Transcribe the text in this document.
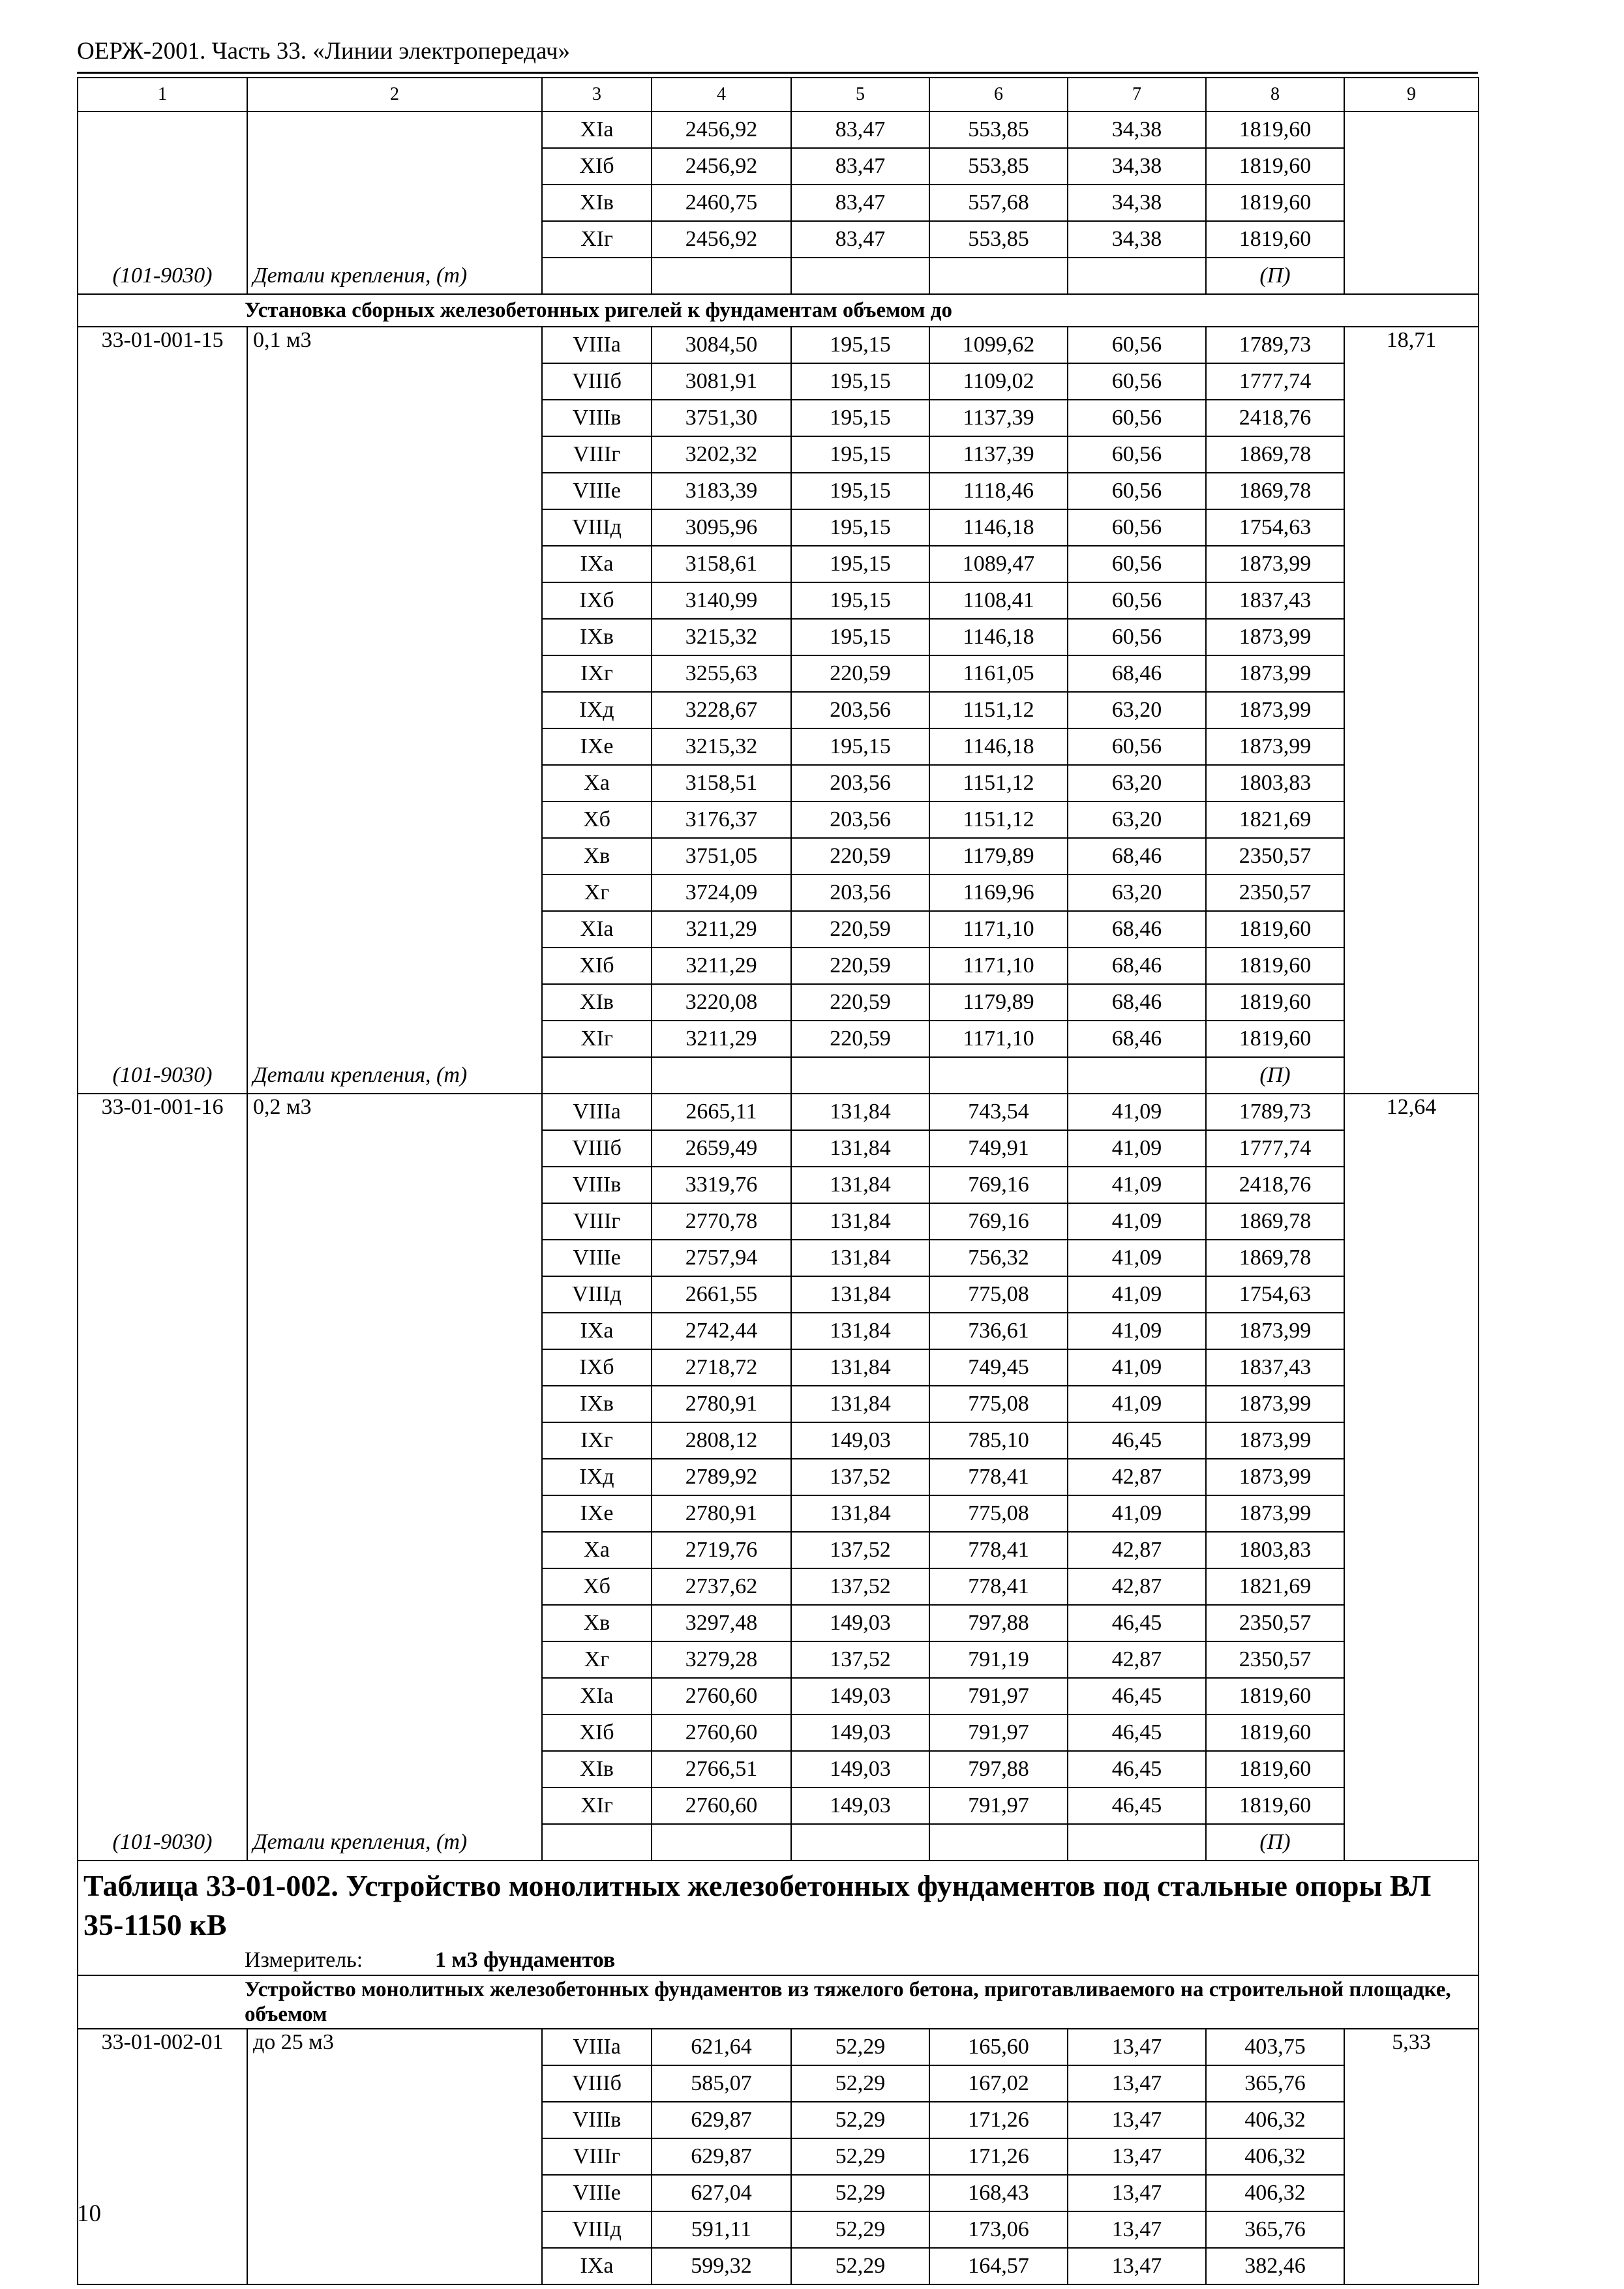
ОЕРЖ-2001. Часть 33. «Линии электропередач»
1	2	3	4	5	6	7	8	9
		XIа	2456,92	83,47	553,85	34,38	1819,60	
		XIб	2456,92	83,47	553,85	34,38	1819,60	
		XIв	2460,75	83,47	557,68	34,38	1819,60	
		XIг	2456,92	83,47	553,85	34,38	1819,60	
(101-9030)	Детали крепления, (т)						(П)	
Установка сборных железобетонных ригелей к фундаментам объемом до								
33-01-001-15	0,1 м3	VIIIа	3084,50	195,15	1099,62	60,56	1789,73	18,71
		VIIIб	3081,91	195,15	1109,02	60,56	1777,74	
		VIIIв	3751,30	195,15	1137,39	60,56	2418,76	
		VIIIг	3202,32	195,15	1137,39	60,56	1869,78	
		VIIIе	3183,39	195,15	1118,46	60,56	1869,78	
		VIIIд	3095,96	195,15	1146,18	60,56	1754,63	
		IXа	3158,61	195,15	1089,47	60,56	1873,99	
		IXб	3140,99	195,15	1108,41	60,56	1837,43	
		IXв	3215,32	195,15	1146,18	60,56	1873,99	
		IXг	3255,63	220,59	1161,05	68,46	1873,99	
		IXд	3228,67	203,56	1151,12	63,20	1873,99	
		IXе	3215,32	195,15	1146,18	60,56	1873,99	
		Xа	3158,51	203,56	1151,12	63,20	1803,83	
		Xб	3176,37	203,56	1151,12	63,20	1821,69	
		Xв	3751,05	220,59	1179,89	68,46	2350,57	
		Xг	3724,09	203,56	1169,96	63,20	2350,57	
		XIа	3211,29	220,59	1171,10	68,46	1819,60	
		XIб	3211,29	220,59	1171,10	68,46	1819,60	
		XIв	3220,08	220,59	1179,89	68,46	1819,60	
		XIг	3211,29	220,59	1171,10	68,46	1819,60	
(101-9030)	Детали крепления, (т)						(П)	
33-01-001-16	0,2 м3	VIIIа	2665,11	131,84	743,54	41,09	1789,73	12,64
		VIIIб	2659,49	131,84	749,91	41,09	1777,74	
		VIIIв	3319,76	131,84	769,16	41,09	2418,76	
		VIIIг	2770,78	131,84	769,16	41,09	1869,78	
		VIIIе	2757,94	131,84	756,32	41,09	1869,78	
		VIIIд	2661,55	131,84	775,08	41,09	1754,63	
		IXа	2742,44	131,84	736,61	41,09	1873,99	
		IXб	2718,72	131,84	749,45	41,09	1837,43	
		IXв	2780,91	131,84	775,08	41,09	1873,99	
		IXг	2808,12	149,03	785,10	46,45	1873,99	
		IXд	2789,92	137,52	778,41	42,87	1873,99	
		IXе	2780,91	131,84	775,08	41,09	1873,99	
		Xа	2719,76	137,52	778,41	42,87	1803,83	
		Xб	2737,62	137,52	778,41	42,87	1821,69	
		Xв	3297,48	149,03	797,88	46,45	2350,57	
		Xг	3279,28	137,52	791,19	42,87	2350,57	
		XIа	2760,60	149,03	791,97	46,45	1819,60	
		XIб	2760,60	149,03	791,97	46,45	1819,60	
		XIв	2766,51	149,03	797,88	46,45	1819,60	
		XIг	2760,60	149,03	791,97	46,45	1819,60	
(101-9030)	Детали крепления, (т)						(П)	
Таблица 33-01-002. Устройство монолитных железобетонных фундаментов под стальные опоры ВЛ 35-1150 кВ								
Измеритель: 1 м3 фундаментов								
Устройство монолитных железобетонных фундаментов из тяжелого бетона, приготавливаемого на строительной площадке, объемом								
33-01-002-01	до 25 м3	VIIIа	621,64	52,29	165,60	13,47	403,75	5,33
		VIIIб	585,07	52,29	167,02	13,47	365,76	
		VIIIв	629,87	52,29	171,26	13,47	406,32	
		VIIIг	629,87	52,29	171,26	13,47	406,32	
		VIIIе	627,04	52,29	168,43	13,47	406,32	
		VIIIд	591,11	52,29	173,06	13,47	365,76	
		IXа	599,32	52,29	164,57	13,47	382,46	
10
